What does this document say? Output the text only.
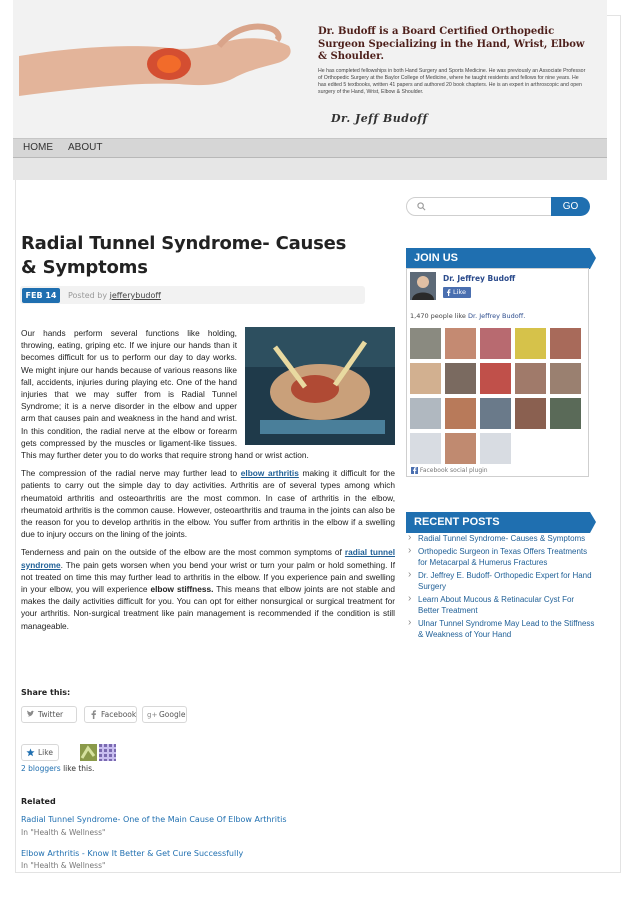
Dr. Budoff is a Board Certified Orthopedic Surgeon Specializing in the Hand, Wrist, Elbow & Shoulder.
He has completed fellowships in both Hand Surgery and Sports Medicine. He was previously an Associate Professor of Orthopedic Surgery at the Baylor College of Medicine, where he taught residents and fellows for nine years. He has edited 5 textbooks, written 41 papers and authored 20 book chapters. He is an expert in arthroscopic and open surgery of the Hand, Wrist, Elbow & Shoulder.
Dr. Jeff Budoff
HOME ABOUT
GO
Radial Tunnel Syndrome- Causes & Symptoms
FEB 14	Posted by jefferybudoff

Our hands perform several functions like holding, throwing, eating, griping etc. If we injure our hands than it becomes difficult for us to perform our day to day works. We might injure our hands because of various reasons like fall, accidents, injuries during playing etc. One of the hand injuries that we may suffer from is Radial Tunnel Syndrome; it is a nerve disorder in the elbow and upper arm that causes pain and weakness in the hand and wrist. In this condition, the radial nerve at the elbow or forearm gets compressed by the muscles or ligament-like tissues. This may further deter you to do works that require strong hand or wrist action.

The compression of the radial nerve may further lead to elbow arthritis making it difficult for the patients to carry out the simple day to day activities. Arthritis are of several types among which rheumatoid arthritis and osteoarthritis are the most common. In case of arthritis in the elbow, rheumatoid arthritis is the common cause. However, osteoarthritis and trauma in the joints can also be the reason for you to develop arthritis in the elbow. You suffer from arthritis in the elbow if a swelling due to injury occurs on the lining of the joints.

Tenderness and pain on the outside of the elbow are the most common symptoms of radial tunnel syndrome. The pain gets worsen when you bend your wrist or turn your palm or hold something. If not treated on time this may further lead to arthritis in the elbow. If you experience pain and swelling in your elbow, you will experience elbow stiffness. This means that elbow joints are not stable and makes the daily activities difficult for you. You can opt for either nonsurgical or surgical treatment for your arthritis. Non-surgical treatment like pain management is recommended if the condition is still manageable.

Share this:
Twitter	Facebook g+ Google
Like
2 bloggers like this.
Related
Radial Tunnel Syndrome- One of the Main Cause Of Elbow Arthritis
In "Health & Wellness"
Elbow Arthritis - Know It Better & Get Cure Successfully
In "Health & Wellness"
JOIN US
Dr. Jeffrey Budoff
Like
1,470 people like Dr. Jeffrey Budoff.
Facebook social plugin
RECENT POSTS
› Radial Tunnel Syndrome- Causes & Symptoms
› Orthopedic Surgeon in Texas Offers Treatments for Metacarpal & Humerus Fractures
› Dr. Jeffrey E. Budoff- Orthopedic Expert for Hand Surgery
› Learn About Mucous & Retinacular Cyst For Better Treatment
› Ulnar Tunnel Syndrome May Lead to the Stiffness & Weakness of Your Hand
